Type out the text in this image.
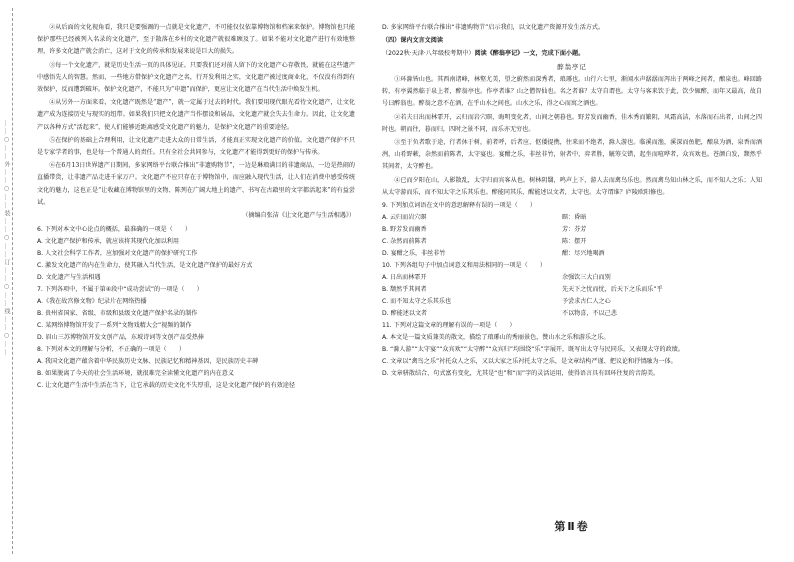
……○……外……○……装……○……订……○……线……○……

②从后面的文化视角看，我只是要强调的一点就是文化遗产，不可能仅仅依靠博物馆和档案来保护。博物馆也只能保护那些已经被列入名录的文化遗产，至于散落在乡村的文化遗产就很难顾及了。如果不能对文化遗产进行有效地整理，许多文化遗产就会消亡，这对于文化的传承和发展来说是巨大的损失。

③每一个文化遗产，就是历史生活一页的具体见证。只要我们还对前人留下的文化遗产心存敬畏，就能在这些遗产中感悟先人的智慧。然而，一些地方借保护文化遗产之名，行开发利用之实，文化遗产被过度商业化，不仅没有得到有效保护，反而遭到破坏。保护文化遗产，不能只为“申遗”而保护，更应让文化遗产在当代生活中焕发生机。

④从另外一方面来看，文化遗产既然是“遗产”，就一定属于过去的时代。我们要用现代眼光看待文化遗产，让文化遗产成为连接历史与现实的纽带。如果我们只把文化遗产当作摆设和展品，文化遗产就会失去生命力。因此，让文化遗产以各种方式“活起来”，使人们能够近距离感受文化遗产的魅力，是保护文化遗产的重要途径。

⑤在保护的基础上合理利用，让文化遗产走进大众的日常生活，才能真正实现文化遗产的价值。文化遗产保护不只是专家学者的事，也是每一个普通人的责任。只有全社会共同参与，文化遗产才能得到更好的保护与传承。

⑥在6月13日世界遗产日期间，多家网络平台联合推出“非遗购物节”，一边是琳琅满目的非遗商品，一边是热闹的直播带货，让非遗产品走进千家万户。文化遗产不应只存在于博物馆中，而应融入现代生活，让人们在消费中感受传统文化的魅力，这也正是“让收藏在博物馆里的文物、陈列在广阔大地上的遗产、书写在古籍里的文字都活起来”的有益尝试。

（摘编自张洁《让文化遗产与生活相遇》）

6. 下列对本文中心论点的概括，最准确的一项是（　　）

A. 文化遗产保护和传承，就应该将其现代化加以利用

B. 人文社会科学工作者，应加强对文化遗产的保护研究工作

C. 激发文化遗产的内在生命力，使其融入当代生活，是文化遗产保护的最好方式

D. 文化遗产与生活相遇

7. 下列各项中，不属于第④段中“成功尝试”的一项是（　　）

A.《我在故宫修文物》纪录片在网络热播

B. 贵州省国家、省级、市级和县级文化遗产保护名录的制作

C. 某网络博物馆开发了一系列“文物戏精大会”视频的制作

D. 眉山三苏博物馆开发文创产品，东坡诗词等文创产品受热捧

8. 下列对本文的理解与分析，不正确的一项是（　　）

A. 我国文化遗产蕴含着中华民族历史文脉、民族记忆和精神基因，是民族历史丰碑

B. 如果脱离了今天的社会生活环境，就很难完全读懂文化遗产的内在意义

C. 让文化遗产生活中生活在当下，让它承载的历史文化不失厚重，这是文化遗产保护的有效途径

D. 多家网络平台联合推出“非遗购物节”启示我们，以文化遗产资源开发生活方式。

（四）课内文言文阅读

（2022秋·天津·八年级校考期中）阅读《醉翁亭记》一文，完成下面小题。

醉翁亭记

①环滁皆山也。其西南诸峰，林壑尤美，望之蔚然而深秀者，琅琊也。山行六七里，渐闻水声潺潺而泻出于两峰之间者，酿泉也。峰回路转，有亭翼然临于泉上者，醉翁亭也。作亭者谁？山之僧智仙也。名之者谁？太守自谓也。太守与客来饮于此，饮少辄醉，而年又最高，故自号曰醉翁也。醉翁之意不在酒，在乎山水之间也。山水之乐，得之心而寓之酒也。

②若夫日出而林霏开，云归而岩穴暝，晦明变化者，山间之朝暮也。野芳发而幽香，佳木秀而繁阴，风霜高洁，水落而石出者，山间之四时也。朝而往，暮而归，四时之景不同，而乐亦无穷也。

③至于负者歌于途，行者休于树，前者呼，后者应，伛偻提携，往来而不绝者，滁人游也。临溪而渔，溪深而鱼肥，酿泉为酒，泉香而酒洌，山肴野蔌，杂然而前陈者，太守宴也。宴酣之乐，非丝非竹，射者中，弈者胜，觥筹交错，起坐而喧哗者，众宾欢也。苍颜白发，颓然乎其间者，太守醉也。

④已而夕阳在山，人影散乱，太守归而宾客从也。树林阴翳，鸣声上下，游人去而禽鸟乐也。然而禽鸟知山林之乐，而不知人之乐；人知从太守游而乐，而不知太守之乐其乐也。醉能同其乐，醒能述以文者，太守也。太守谓谁？庐陵欧阳修也。

9. 下列加点词语在文中的意思解释有误的一项是（　　）

A. 云归而岩穴暝	暝：昏暗
B. 野芳发而幽香	芳：芬芳
C. 杂然而前陈者	陈：摆开
D. 宴酣之乐，非丝非竹	酣：尽兴地喝酒

10. 下列各组句子中加点词意义和用法相同的一项是（　　）

A. 日出而林霏开	余强饮三大白而别
B. 颓然乎其间者	先天下之忧而忧，后天下之乐而乐”乎
C. 而不知太守之乐其乐也	予尝求古仁人之心
D. 醉能述以文者	不以物喜，不以己悲

11. 下列对这篇文章的理解有误的一项是（　　）

A. 本文是一篇文质兼美的散文，描绘了琅琊山的秀丽景色，赞山水之乐和游乐之乐。

B. “滁人游”“太守宴”“众宾欢”“太守醉”“众宾归”均围绕“乐”字展开，既写出太守与民同乐，又表现太守的政绩。

C. 文章以“禽鸟之乐”衬托众人之乐，又以大家之乐衬托太守之乐，是文章结构严谨、把议论和抒情融为一体。

D. 文章骈散结合，句式富有变化，尤其是“也”和“而”字的灵活运用，使得语言具有回环往复的音韵美。

第Ⅱ卷
